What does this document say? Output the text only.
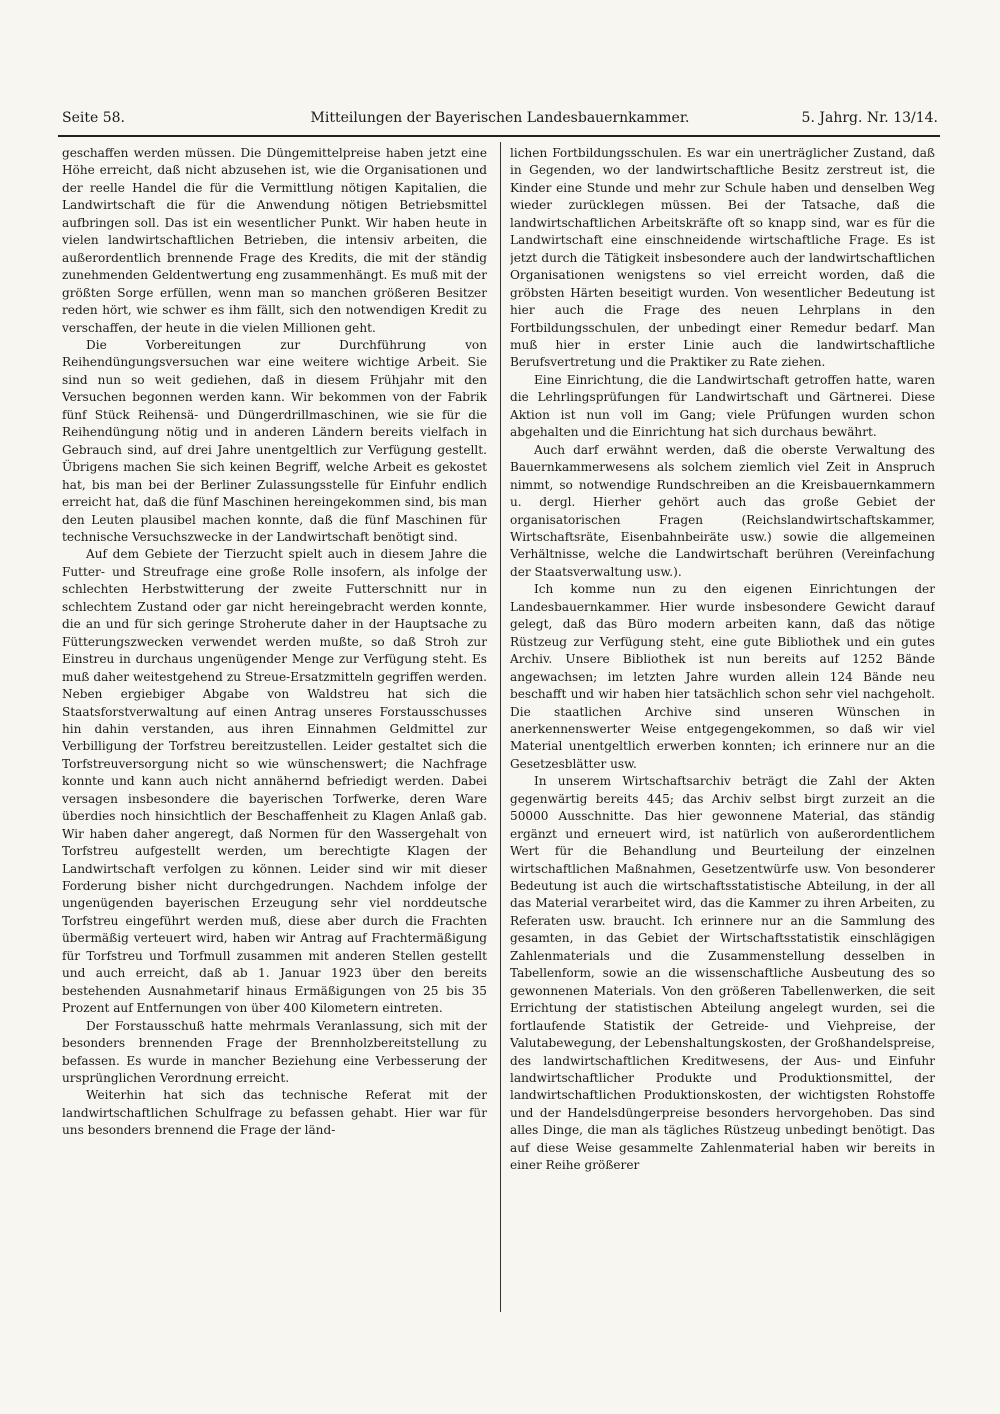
Seite 58.	Mitteilungen der Bayerischen Landesbauernkammer.	5. Jahrg. Nr. 13/14.

geschaffen werden müssen. Die Düngemittelpreise haben jetzt eine Höhe erreicht, daß nicht abzusehen ist, wie die Organisationen und der reelle Handel die für die Vermittlung nötigen Kapitalien, die Landwirtschaft die für die Anwendung nötigen Betriebsmittel aufbringen soll. Das ist ein wesentlicher Punkt. Wir haben heute in vielen landwirtschaftlichen Betrieben, die intensiv arbeiten, die außerordentlich brennende Frage des Kredits, die mit der ständig zunehmenden Geldentwertung eng zusammenhängt. Es muß mit der größten Sorge erfüllen, wenn man so manchen größeren Besitzer reden hört, wie schwer es ihm fällt, sich den notwendigen Kredit zu verschaffen, der heute in die vielen Millionen geht.

Die Vorbereitungen zur Durchführung von Reihendüngungsversuchen war eine weitere wichtige Arbeit. Sie sind nun so weit gediehen, daß in diesem Frühjahr mit den Versuchen begonnen werden kann. Wir bekommen von der Fabrik fünf Stück Reihensä- und Düngerdrillmaschinen, wie sie für die Reihendüngung nötig und in anderen Ländern bereits vielfach in Gebrauch sind, auf drei Jahre unentgeltlich zur Verfügung gestellt. Übrigens machen Sie sich keinen Begriff, welche Arbeit es gekostet hat, bis man bei der Berliner Zulassungsstelle für Einfuhr endlich erreicht hat, daß die fünf Maschinen hereingekommen sind, bis man den Leuten plausibel machen konnte, daß die fünf Maschinen für technische Versuchszwecke in der Landwirtschaft benötigt sind.

Auf dem Gebiete der Tierzucht spielt auch in diesem Jahre die Futter- und Streufrage eine große Rolle insofern, als infolge der schlechten Herbstwitterung der zweite Futterschnitt nur in schlechtem Zustand oder gar nicht hereingebracht werden konnte, die an und für sich geringe Stroherute daher in der Hauptsache zu Fütterungszwecken verwendet werden mußte, so daß Stroh zur Einstreu in durchaus ungenügender Menge zur Verfügung steht. Es muß daher weitestgehend zu Streue-Ersatzmitteln gegriffen werden. Neben ergiebiger Abgabe von Waldstreu hat sich die Staatsforstverwaltung auf einen Antrag unseres Forstausschusses hin dahin verstanden, aus ihren Einnahmen Geldmittel zur Verbilligung der Torfstreu bereitzustellen. Leider gestaltet sich die Torfstreuversorgung nicht so wie wünschenswert; die Nachfrage konnte und kann auch nicht annähernd befriedigt werden. Dabei versagen insbesondere die bayerischen Torfwerke, deren Ware überdies noch hinsichtlich der Beschaffenheit zu Klagen Anlaß gab. Wir haben daher angeregt, daß Normen für den Wassergehalt von Torfstreu aufgestellt werden, um berechtigte Klagen der Landwirtschaft verfolgen zu können. Leider sind wir mit dieser Forderung bisher nicht durchgedrungen. Nachdem infolge der ungenügenden bayerischen Erzeugung sehr viel norddeutsche Torfstreu eingeführt werden muß, diese aber durch die Frachten übermäßig verteuert wird, haben wir Antrag auf Frachtermäßigung für Torfstreu und Torfmull zusammen mit anderen Stellen gestellt und auch erreicht, daß ab 1. Januar 1923 über den bereits bestehenden Ausnahmetarif hinaus Ermäßigungen von 25 bis 35 Prozent auf Entfernungen von über 400 Kilometern eintreten.

Der Forstausschuß hatte mehrmals Veranlassung, sich mit der besonders brennenden Frage der Brennholzbereitstellung zu befassen. Es wurde in mancher Beziehung eine Verbesserung der ursprünglichen Verordnung erreicht.

Weiterhin hat sich das technische Referat mit der landwirtschaftlichen Schulfrage zu befassen gehabt. Hier war für uns besonders brennend die Frage der länd-

lichen Fortbildungsschulen. Es war ein unerträglicher Zustand, daß in Gegenden, wo der landwirtschaftliche Besitz zerstreut ist, die Kinder eine Stunde und mehr zur Schule haben und denselben Weg wieder zurücklegen müssen. Bei der Tatsache, daß die landwirtschaftlichen Arbeitskräfte oft so knapp sind, war es für die Landwirtschaft eine einschneidende wirtschaftliche Frage. Es ist jetzt durch die Tätigkeit insbesondere auch der landwirtschaftlichen Organisationen wenigstens so viel erreicht worden, daß die gröbsten Härten beseitigt wurden. Von wesentlicher Bedeutung ist hier auch die Frage des neuen Lehrplans in den Fortbildungsschulen, der unbedingt einer Remedur bedarf. Man muß hier in erster Linie auch die landwirtschaftliche Berufsvertretung und die Praktiker zu Rate ziehen.

Eine Einrichtung, die die Landwirtschaft getroffen hatte, waren die Lehrlingsprüfungen für Landwirtschaft und Gärtnerei. Diese Aktion ist nun voll im Gang; viele Prüfungen wurden schon abgehalten und die Einrichtung hat sich durchaus bewährt.

Auch darf erwähnt werden, daß die oberste Verwaltung des Bauernkammerwesens als solchem ziemlich viel Zeit in Anspruch nimmt, so notwendige Rundschreiben an die Kreisbauernkammern u. dergl. Hierher gehört auch das große Gebiet der organisatorischen Fragen (Reichslandwirtschaftskammer, Wirtschaftsräte, Eisenbahnbeiräte usw.) sowie die allgemeinen Verhältnisse, welche die Landwirtschaft berühren (Vereinfachung der Staatsverwaltung usw.).

Ich komme nun zu den eigenen Einrichtungen der Landesbauernkammer. Hier wurde insbesondere Gewicht darauf gelegt, daß das Büro modern arbeiten kann, daß das nötige Rüstzeug zur Verfügung steht, eine gute Bibliothek und ein gutes Archiv. Unsere Bibliothek ist nun bereits auf 1252 Bände angewachsen; im letzten Jahre wurden allein 124 Bände neu beschafft und wir haben hier tatsächlich schon sehr viel nachgeholt. Die staatlichen Archive sind unseren Wünschen in anerkennenswerter Weise entgegengekommen, so daß wir viel Material unentgeltlich erwerben konnten; ich erinnere nur an die Gesetzesblätter usw.

In unserem Wirtschaftsarchiv beträgt die Zahl der Akten gegenwärtig bereits 445; das Archiv selbst birgt zurzeit an die 50000 Ausschnitte. Das hier gewonnene Material, das ständig ergänzt und erneuert wird, ist natürlich von außerordentlichem Wert für die Behandlung und Beurteilung der einzelnen wirtschaftlichen Maßnahmen, Gesetzentwürfe usw. Von besonderer Bedeutung ist auch die wirtschaftsstatistische Abteilung, in der all das Material verarbeitet wird, das die Kammer zu ihren Arbeiten, zu Referaten usw. braucht. Ich erinnere nur an die Sammlung des gesamten, in das Gebiet der Wirtschaftsstatistik einschlägigen Zahlenmaterials und die Zusammenstellung desselben in Tabellenform, sowie an die wissenschaftliche Ausbeutung des so gewonnenen Materials. Von den größeren Tabellenwerken, die seit Errichtung der statistischen Abteilung angelegt wurden, sei die fortlaufende Statistik der Getreide- und Viehpreise, der Valutabewegung, der Lebenshaltungskosten, der Großhandelspreise, des landwirtschaftlichen Kreditwesens, der Aus- und Einfuhr landwirtschaftlicher Produkte und Produktionsmittel, der landwirtschaftlichen Produktionskosten, der wichtigsten Rohstoffe und der Handelsdüngerpreise besonders hervorgehoben. Das sind alles Dinge, die man als tägliches Rüstzeug unbedingt benötigt. Das auf diese Weise gesammelte Zahlenmaterial haben wir bereits in einer Reihe größerer
